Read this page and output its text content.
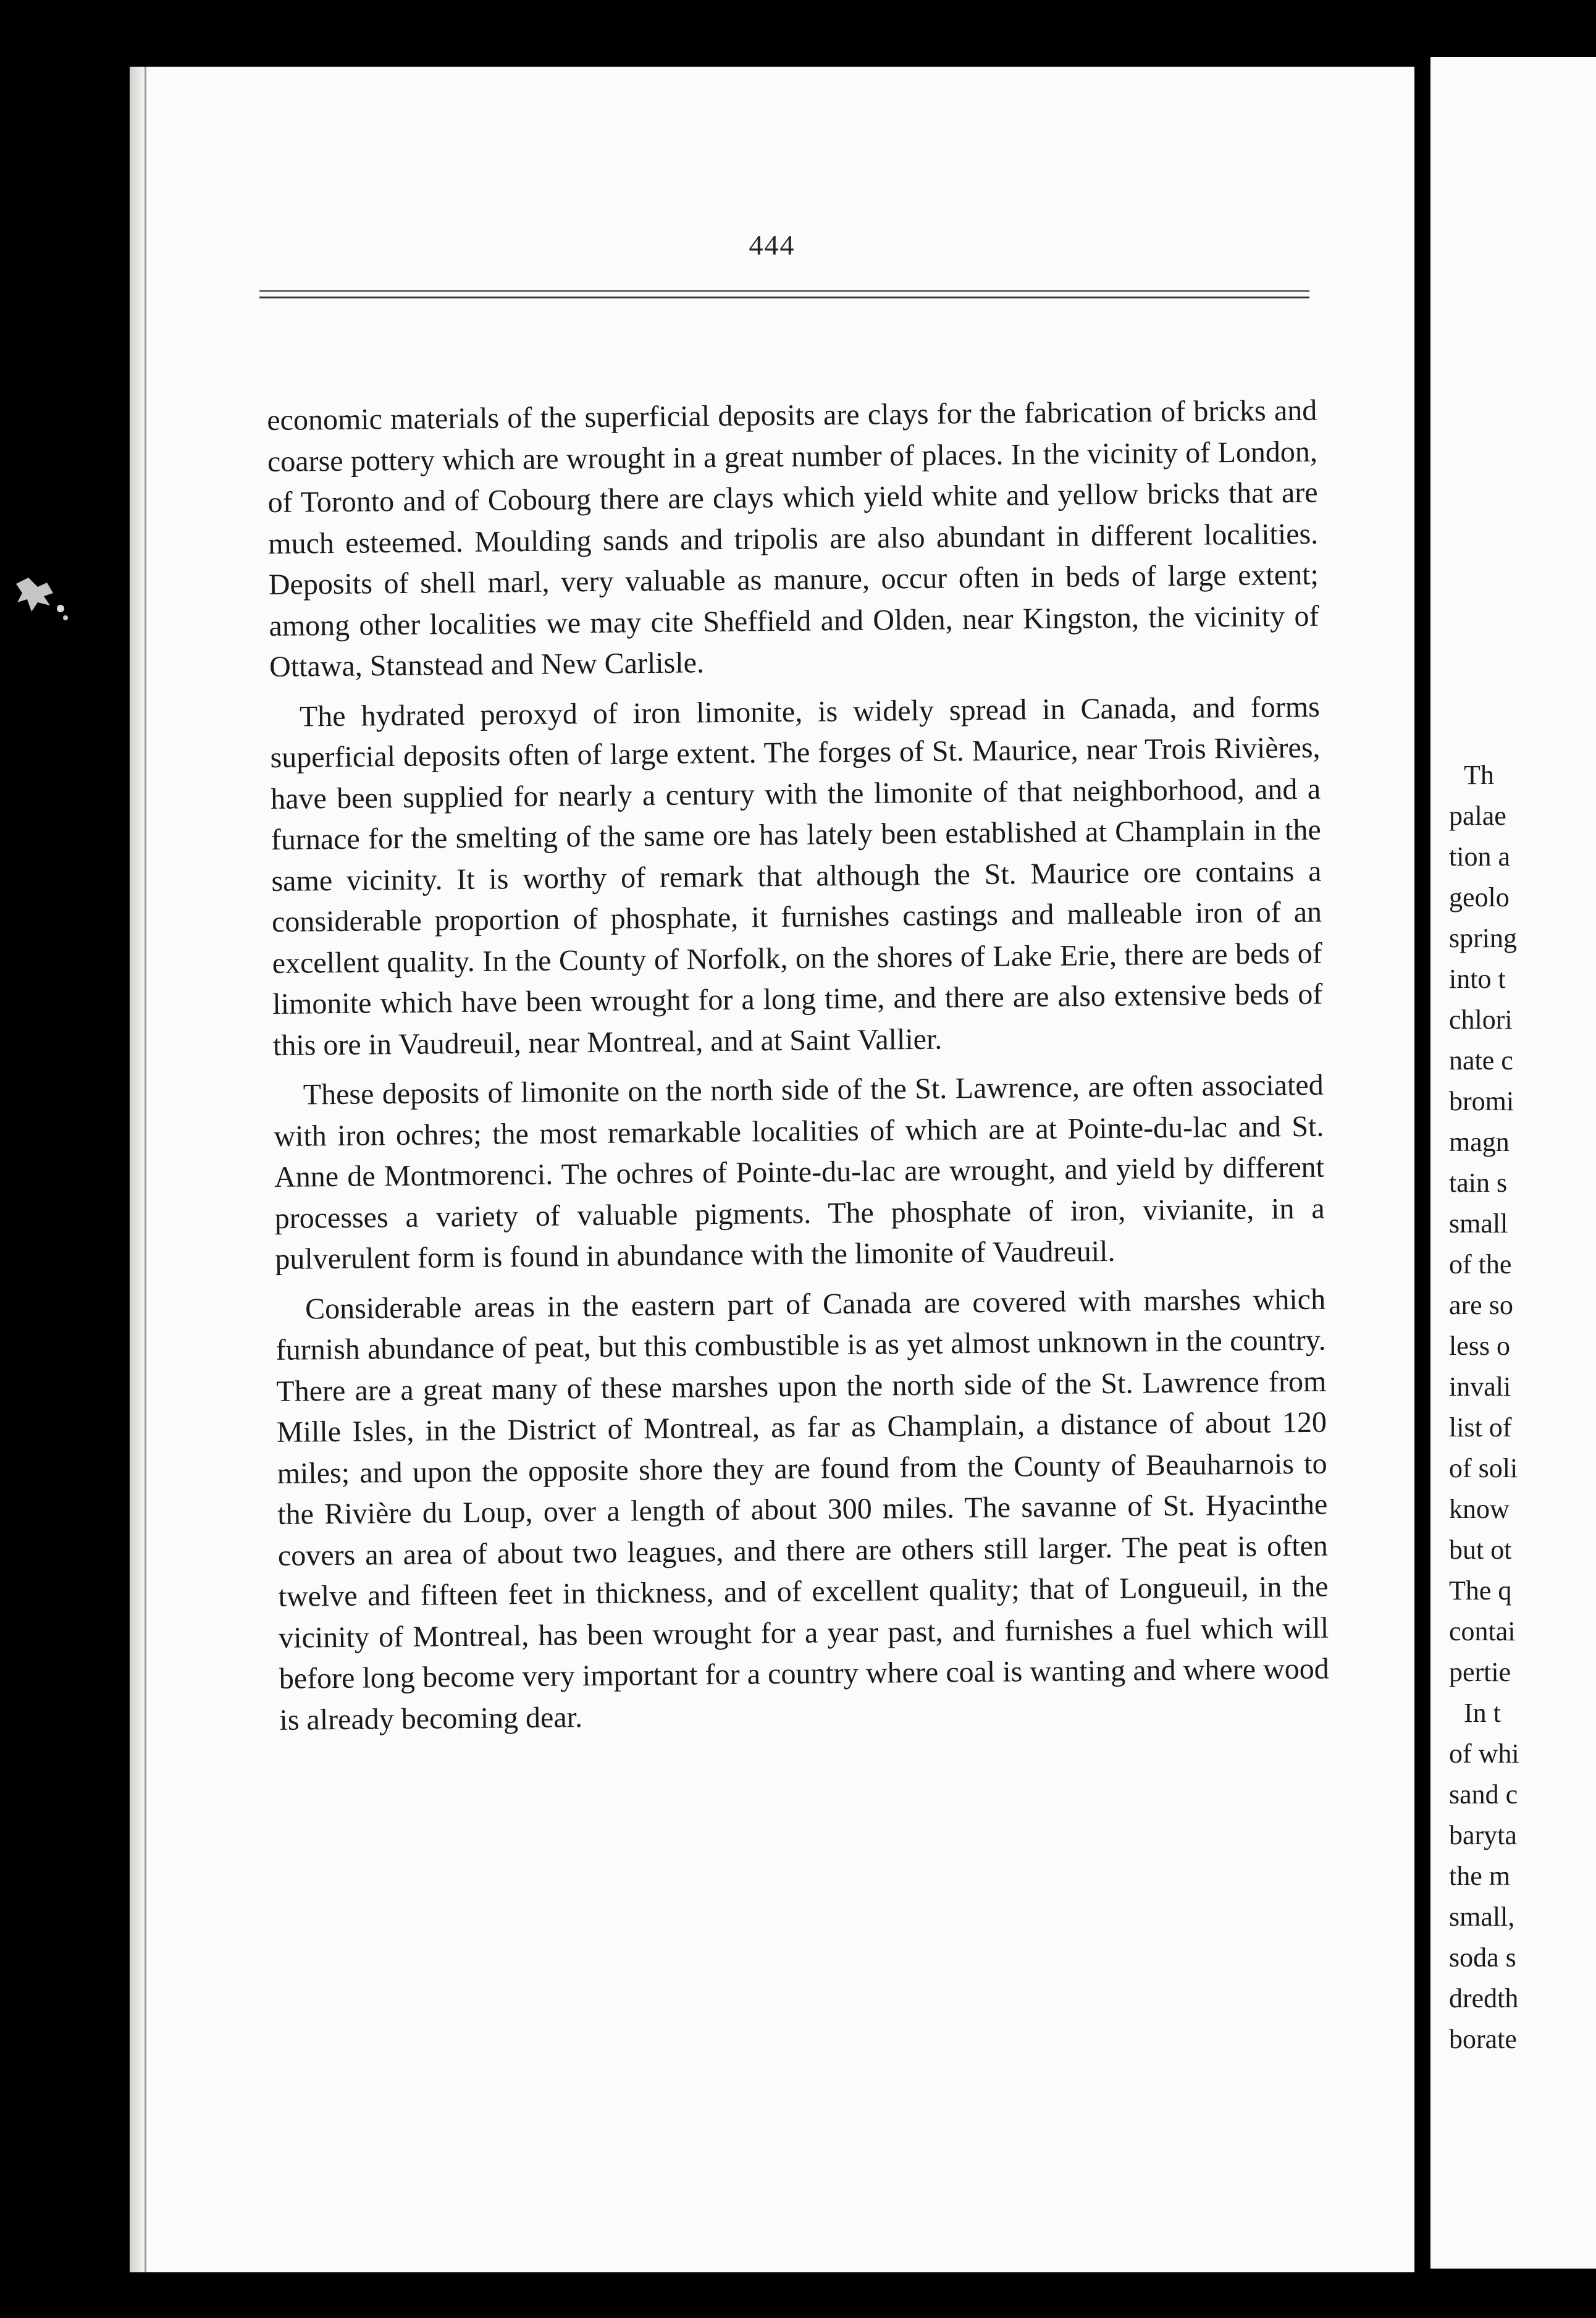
444

economic materials of the superficial deposits are clays for the fabrication of bricks and coarse pottery which are wrought in a great number of places. In the vicinity of London, of Toronto and of Cobourg there are clays which yield white and yellow bricks that are much esteemed. Moulding sands and tripolis are also abundant in different localities. Deposits of shell marl, very valuable as manure, occur often in beds of large extent; among other localities we may cite Sheffield and Olden, near Kingston, the vicinity of Ottawa, Stanstead and New Carlisle.

The hydrated peroxyd of iron limonite, is widely spread in Canada, and forms superficial deposits often of large extent. The forges of St. Maurice, near Trois Rivières, have been supplied for nearly a century with the limonite of that neighborhood, and a furnace for the smelting of the same ore has lately been established at Champlain in the same vicinity. It is worthy of remark that although the St. Maurice ore contains a considerable proportion of phosphate, it furnishes castings and malleable iron of an excellent quality. In the County of Norfolk, on the shores of Lake Erie, there are beds of limonite which have been wrought for a long time, and there are also extensive beds of this ore in Vaudreuil, near Montreal, and at Saint Vallier.

These deposits of limonite on the north side of the St. Lawrence, are often associated with iron ochres; the most remarkable localities of which are at Pointe-du-lac and St. Anne de Montmorenci. The ochres of Pointe-du-lac are wrought, and yield by different processes a variety of valuable pigments. The phosphate of iron, vivianite, in a pulverulent form is found in abundance with the limonite of Vaudreuil.

Considerable areas in the eastern part of Canada are covered with marshes which furnish abundance of peat, but this combustible is as yet almost unknown in the country. There are a great many of these marshes upon the north side of the St. Lawrence from Mille Isles, in the District of Montreal, as far as Champlain, a distance of about 120 miles; and upon the opposite shore they are found from the County of Beauharnois to the Rivière du Loup, over a length of about 300 miles. The savanne of St. Hyacinthe covers an area of about two leagues, and there are others still larger. The peat is often twelve and fifteen feet in thickness, and of excellent quality; that of Longueuil, in the vicinity of Montreal, has been wrought for a year past, and furnishes a fuel which will before long become very important for a country where coal is wanting and where wood is already becoming dear.

Th
palae
tion a
geolo
spring
into t
chlori
nate c
bromi
magn
tain s
small
of the
are so
less o
invali
list of
of soli
know
but ot
The q
contai
pertie
In t
of whi
sand c
baryta
the m
small,
soda s
dredth
borate
